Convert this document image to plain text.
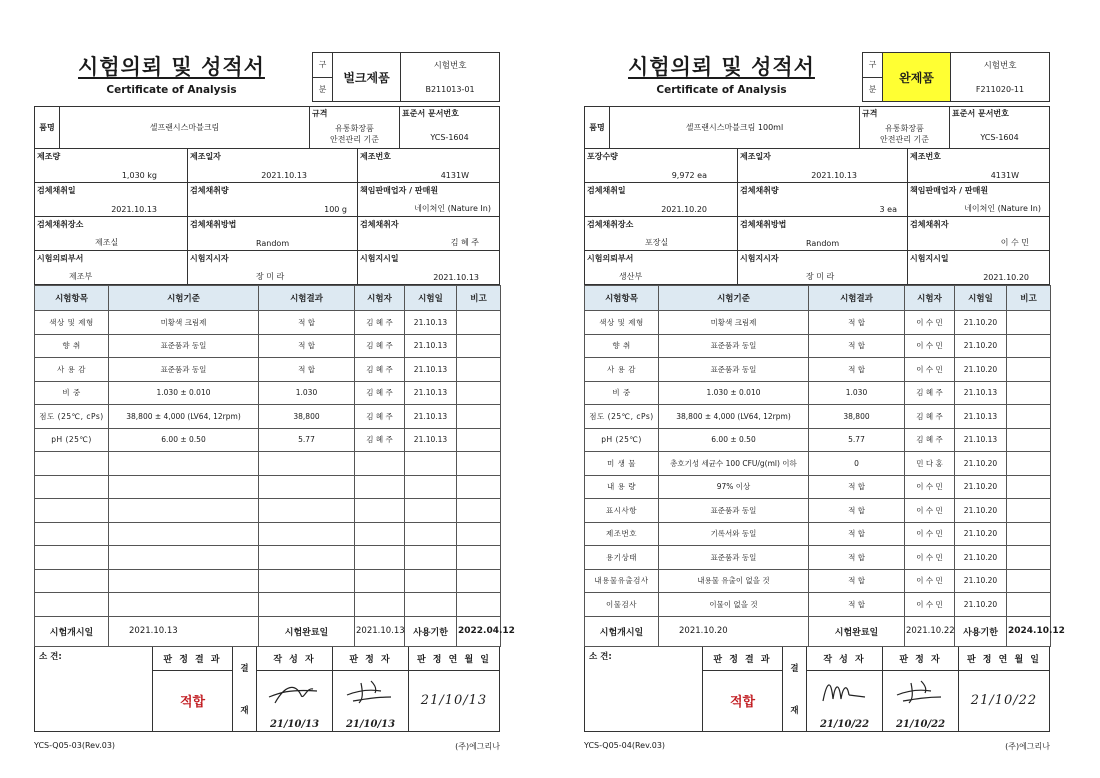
시험의뢰 및 성적서
Certificate of Analysis
구
분
벌크제품
시험번호
B211013-01
품명	셀프랜시스마블크림
규격
유통화장품
안전관리 기준
표준서 문서번호
YCS-1604
제조량
1,030 kg
제조일자
2021.10.13
제조번호
4131W
검체채취일
2021.10.13
검체채취량
100 g
책임판매업자 / 판매원
네이쳐인 (Nature In)
검체채취장소
제조실
검체채취방법
Random
검체채취자
김 혜 주
시험의뢰부서
제조부
시험지시자
장 미 라
시험지시일
2021.10.13
시험항목	시험기준	시험결과	시험자	시험일	비고
색상 및 제형	미황색 크림제	적 합	김 혜 주	21.10.13	
향 취	표준품과 동일	적 합	김 혜 주	21.10.13	
사 용 감	표준품과 동일	적 합	김 혜 주	21.10.13	
비 중	1.030 ± 0.010	1.030	김 혜 주	21.10.13	
점도 (25℃, cPs)	38,800 ± 4,000 (LV64, 12rpm)	38,800	김 혜 주	21.10.13	
pH (25℃)	6.00 ± 0.50	5.77	김 혜 주	21.10.13	

시험개시일	2021.10.13	시험완료일	2021.10.13	사용기한	2022.04.12
소 견:	판 정 결 과
적합
결
재
작 성 자
21/10/13
판 정 자
21/10/13
판 정 연 월 일
21/10/13
시험의뢰 및 성적서
Certificate of Analysis
구
분
완제품
시험번호
F211020-11
품명	셀프랜시스마블크림 100ml
규격
유통화장품
안전관리 기준
표준서 문서번호
YCS-1604
포장수량
9,972 ea
제조일자
2021.10.13
제조번호
4131W
검체채취일
2021.10.20
검체채취량
3 ea
책임판매업자 / 판매원
네이쳐인 (Nature In)
검체채취장소
포장실
검체채취방법
Random
검체채취자
이 수 민
시험의뢰부서
생산부
시험지시자
장 미 라
시험지시일
2021.10.20
시험항목	시험기준	시험결과	시험자	시험일	비고
색상 및 제형	미황색 크림제	적 합	이 수 민	21.10.20	
향 취	표준품과 동일	적 합	이 수 민	21.10.20	
사 용 감	표준품과 동일	적 합	이 수 민	21.10.20	
비 중	1.030 ± 0.010	1.030	김 혜 주	21.10.13	
점도 (25℃, cPs)	38,800 ± 4,000 (LV64, 12rpm)	38,800	김 혜 주	21.10.13	
pH (25℃)	6.00 ± 0.50	5.77	김 혜 주	21.10.13	
미 생 물	총호기성 세균수 100 CFU/g(ml) 이하	0	민 다 홍	21.10.20	
내 용 량	97% 이상	적 합	이 수 민	21.10.20	
표시사항	표준품과 동일	적 합	이 수 민	21.10.20	
제조번호	기록서와 동일	적 합	이 수 민	21.10.20	
용기상태	표준품과 동일	적 합	이 수 민	21.10.20	
내용물유출검사	내용물 유출이 없을 것	적 합	이 수 민	21.10.20	
이물검사	이물이 없을 것	적 합	이 수 민	21.10.20	
시험개시일	2021.10.20	시험완료일	2021.10.22	사용기한	2024.10.12
소 견:	판 정 결 과
적합
결
재
작 성 자
21/10/22
판 정 자
21/10/22
판 정 연 월 일
21/10/22
YCS-Q05-03(Rev.03)	(주)에그리나	YCS-Q05-04(Rev.03)	(주)에그리나
